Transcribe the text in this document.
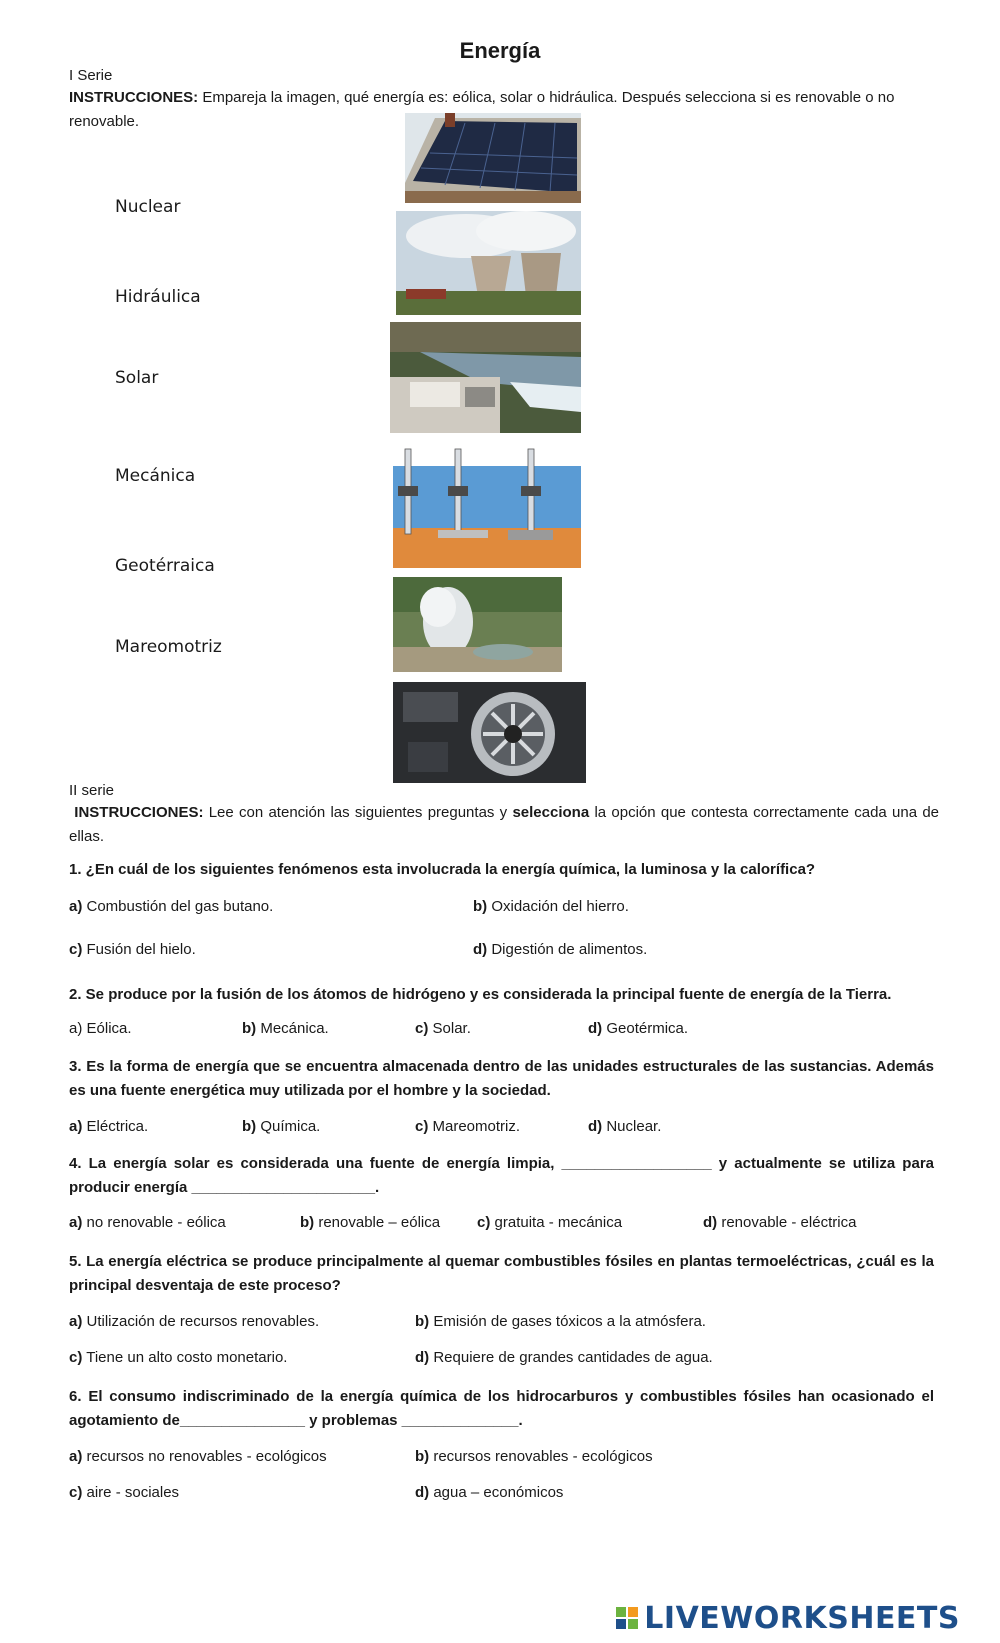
Energía
I Serie
INSTRUCCIONES: Empareja la imagen, qué energía es: eólica, solar o hidráulica. Después selecciona si es renovable o no renovable.
Nuclear
Hidráulica
Solar
Mecánica
Geotérraica
Mareomotriz
II serie
INSTRUCCIONES: Lee con atención las siguientes preguntas y selecciona la opción que contesta correctamente cada una de ellas.
1. ¿En cuál de los siguientes fenómenos esta involucrada la energía química, la luminosa y la calorífica?
a) Combustión del gas butano.	b) Oxidación del hierro.
c) Fusión del hielo.	d) Digestión de alimentos.
2. Se produce por la fusión de los átomos de hidrógeno y es considerada la principal fuente de energía de la Tierra.
a) Eólica.	b) Mecánica.	c) Solar.	d) Geotérmica.
3. Es la forma de energía que se encuentra almacenada dentro de las unidades estructurales de las sustancias. Además es una fuente energética muy utilizada por el hombre y la sociedad.
a) Eléctrica.	b) Química.	c) Mareomotriz.	d) Nuclear.
4. La energía solar es considerada una fuente de energía limpia, __________________ y actualmente se utiliza para producir energía ______________________.
a) no renovable - eólica	b) renovable – eólica c) gratuita - mecánica	d) renovable - eléctrica
5. La energía eléctrica se produce principalmente al quemar combustibles fósiles en plantas termoeléctricas, ¿cuál es la principal desventaja de este proceso?
a) Utilización de recursos renovables.	b) Emisión de gases tóxicos a la atmósfera.
c) Tiene un alto costo monetario.	d) Requiere de grandes cantidades de agua.
6. El consumo indiscriminado de la energía química de los hidrocarburos y combustibles fósiles han ocasionado el agotamiento de_______________ y problemas ______________.
a) recursos no renovables - ecológicos	b) recursos renovables - ecológicos
c) aire - sociales	d) agua – económicos
LIVEWORKSHEETS
